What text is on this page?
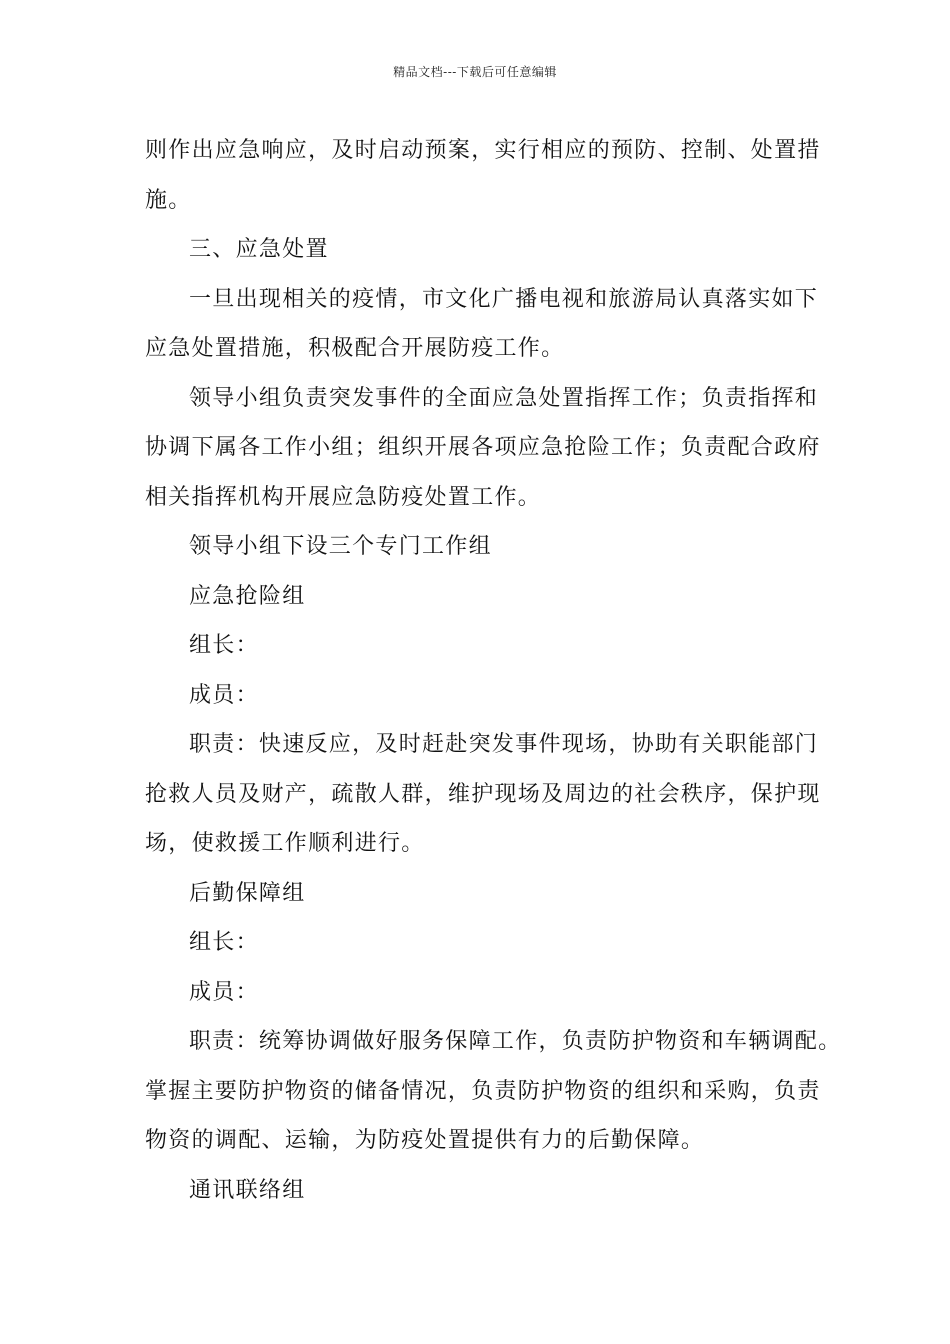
精品文档---下载后可任意编辑
则作出应急响应，及时启动预案，实行相应的预防、控制、处置措
施。
三、应急处置
一旦出现相关的疫情，市文化广播电视和旅游局认真落实如下
应急处置措施，积极配合开展防疫工作。
领导小组负责突发事件的全面应急处置指挥工作；负责指挥和
协调下属各工作小组；组织开展各项应急抢险工作；负责配合政府
相关指挥机构开展应急防疫处置工作。
领导小组下设三个专门工作组
应急抢险组
组长：
成员：
职责：快速反应，及时赶赴突发事件现场，协助有关职能部门
抢救人员及财产，疏散人群，维护现场及周边的社会秩序，保护现
场，使救援工作顺利进行。
后勤保障组
组长：
成员：
职责：统筹协调做好服务保障工作，负责防护物资和车辆调配。
掌握主要防护物资的储备情况，负责防护物资的组织和采购，负责
物资的调配、运输，为防疫处置提供有力的后勤保障。
通讯联络组
